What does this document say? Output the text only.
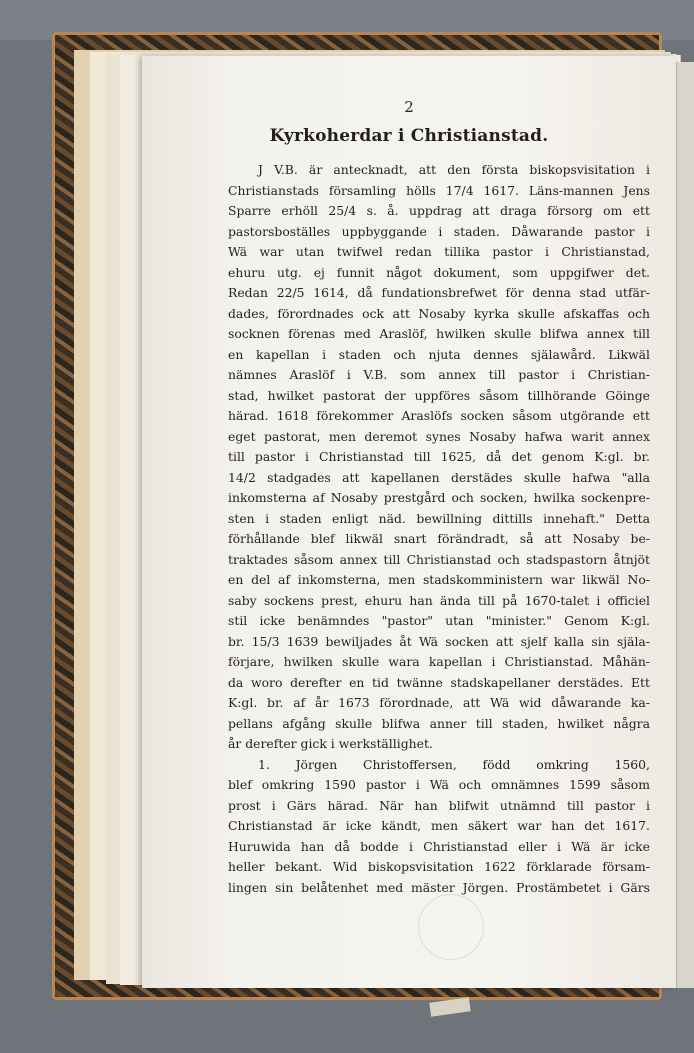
2
Kyrkoherdar i Christianstad.
J V.B. är antecknadt, att den första biskopsvisitation i
Christianstads församling hölls 17/4 1617. Läns-mannen Jens
Sparre erhöll 25/4 s. å. uppdrag att draga försorg om ett
pastorsboställes uppbyggande i staden. Dåwarande pastor i
Wä war utan twifwel redan tillika pastor i Christianstad,
ehuru utg. ej funnit något dokument, som uppgifwer det.
Redan 22/5 1614, då fundationsbrefwet för denna stad utfär-
dades, förordnades ock att Nosaby kyrka skulle afskaffas och
socknen förenas med Araslöf, hwilken skulle blifwa annex till
en kapellan i staden och njuta dennes själawård. Likwäl
nämnes Araslöf i V.B. som annex till pastor i Christian-
stad, hwilket pastorat der uppföres såsom tillhörande Göinge
härad. 1618 förekommer Araslöfs socken såsom utgörande ett
eget pastorat, men deremot synes Nosaby hafwa warit annex
till pastor i Christianstad till 1625, då det genom K:gl. br.
14/2 stadgades att kapellanen derstädes skulle hafwa "alla
inkomsterna af Nosaby prestgård och socken, hwilka sockenpre-
sten i staden enligt näd. bewillning dittills innehaft." Detta
förhållande blef likwäl snart förändradt, så att Nosaby be-
traktades såsom annex till Christianstad och stadspastorn åtnjöt
en del af inkomsterna, men stadskomministern war likwäl No-
saby sockens prest, ehuru han ända till på 1670-talet i officiel
stil icke benämndes "pastor" utan "minister." Genom K:gl.
br. 15/3 1639 bewiljades åt Wä socken att sjelf kalla sin själa-
förjare, hwilken skulle wara kapellan i Christianstad. Måhän-
da woro derefter en tid twänne stadskapellaner derstädes. Ett
K:gl. br. af år 1673 förordnade, att Wä wid dåwarande ka-
pellans afgång skulle blifwa anner till staden, hwilket några
år derefter gick i werkställighet.
1. Jörgen Christoffersen, född omkring 1560,
blef omkring 1590 pastor i Wä och omnämnes 1599 såsom
prost i Gärs härad. När han blifwit utnämnd till pastor i
Christianstad är icke kändt, men säkert war han det 1617.
Huruwida han då bodde i Christianstad eller i Wä är icke
heller bekant. Wid biskopsvisitation 1622 förklarade försam-
lingen sin belåtenhet med mäster Jörgen. Prostämbetet i Gärs
